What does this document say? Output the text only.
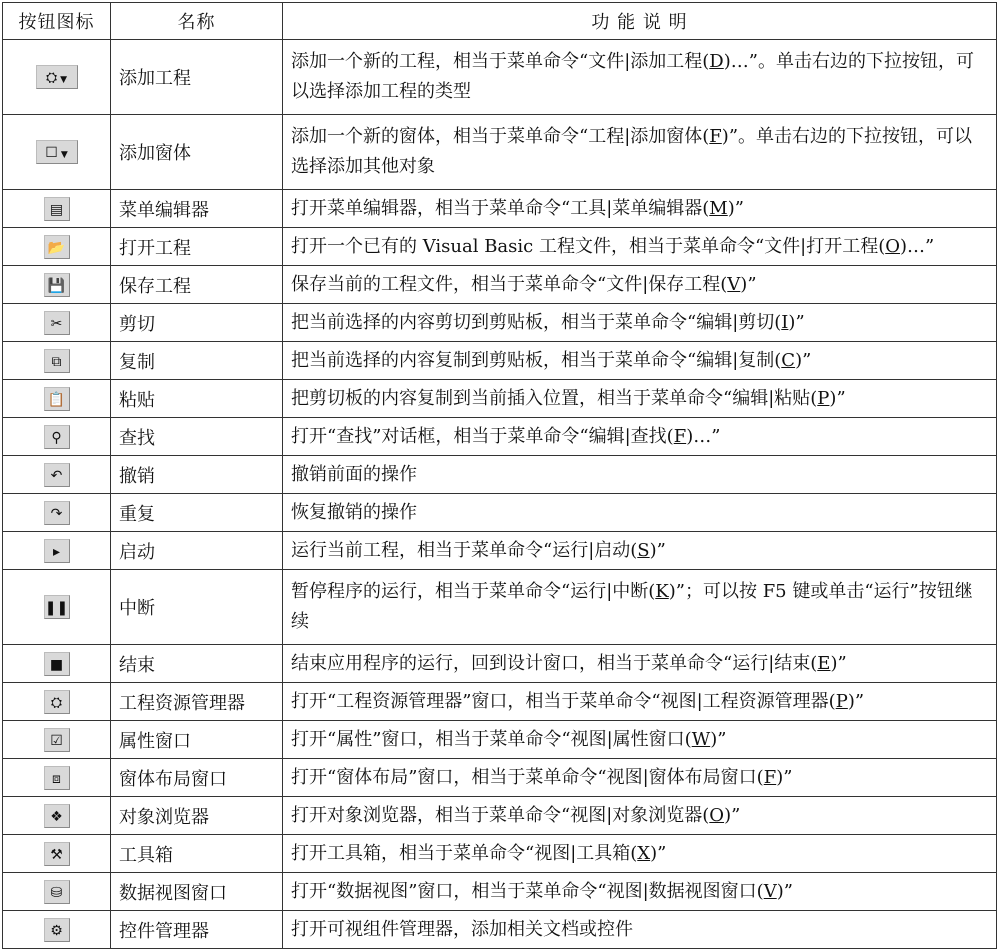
按钮图标	名称	功 能 说 明
⛭ ▼	添加工程	添加一个新的工程，相当于菜单命令“文件|添加工程(D)…”。单击右边的下拉按钮，可以选择添加工程的类型
☐ ▼	添加窗体	添加一个新的窗体，相当于菜单命令“工程|添加窗体(F)”。单击右边的下拉按钮，可以选择添加其他对象
▤	菜单编辑器	打开菜单编辑器，相当于菜单命令“工具|菜单编辑器(M)”
📂	打开工程	打开一个已有的 Visual Basic 工程文件，相当于菜单命令“文件|打开工程(O)…”
💾	保存工程	保存当前的工程文件，相当于菜单命令“文件|保存工程(V)”
✂	剪切	把当前选择的内容剪切到剪贴板，相当于菜单命令“编辑|剪切(I)”
⧉	复制	把当前选择的内容复制到剪贴板，相当于菜单命令“编辑|复制(C)”
📋	粘贴	把剪切板的内容复制到当前插入位置，相当于菜单命令“编辑|粘贴(P)”
⚲	查找	打开“查找”对话框，相当于菜单命令“编辑|查找(F)…”
↶	撤销	撤销前面的操作
↷	重复	恢复撤销的操作
▸	启动	运行当前工程，相当于菜单命令“运行|启动(S)”
❚❚	中断	暂停程序的运行，相当于菜单命令“运行|中断(K)”；可以按 F5 键或单击“运行”按钮继续
■	结束	结束应用程序的运行，回到设计窗口，相当于菜单命令“运行|结束(E)”
⛭	工程资源管理器	打开“工程资源管理器”窗口，相当于菜单命令“视图|工程资源管理器(P)”
☑	属性窗口	打开“属性”窗口，相当于菜单命令“视图|属性窗口(W)”
⧈	窗体布局窗口	打开“窗体布局”窗口，相当于菜单命令“视图|窗体布局窗口(F)”
❖	对象浏览器	打开对象浏览器，相当于菜单命令“视图|对象浏览器(O)”
⚒	工具箱	打开工具箱，相当于菜单命令“视图|工具箱(X)”
⛁	数据视图窗口	打开“数据视图”窗口，相当于菜单命令“视图|数据视图窗口(V)”
⚙	控件管理器	打开可视组件管理器，添加相关文档或控件
